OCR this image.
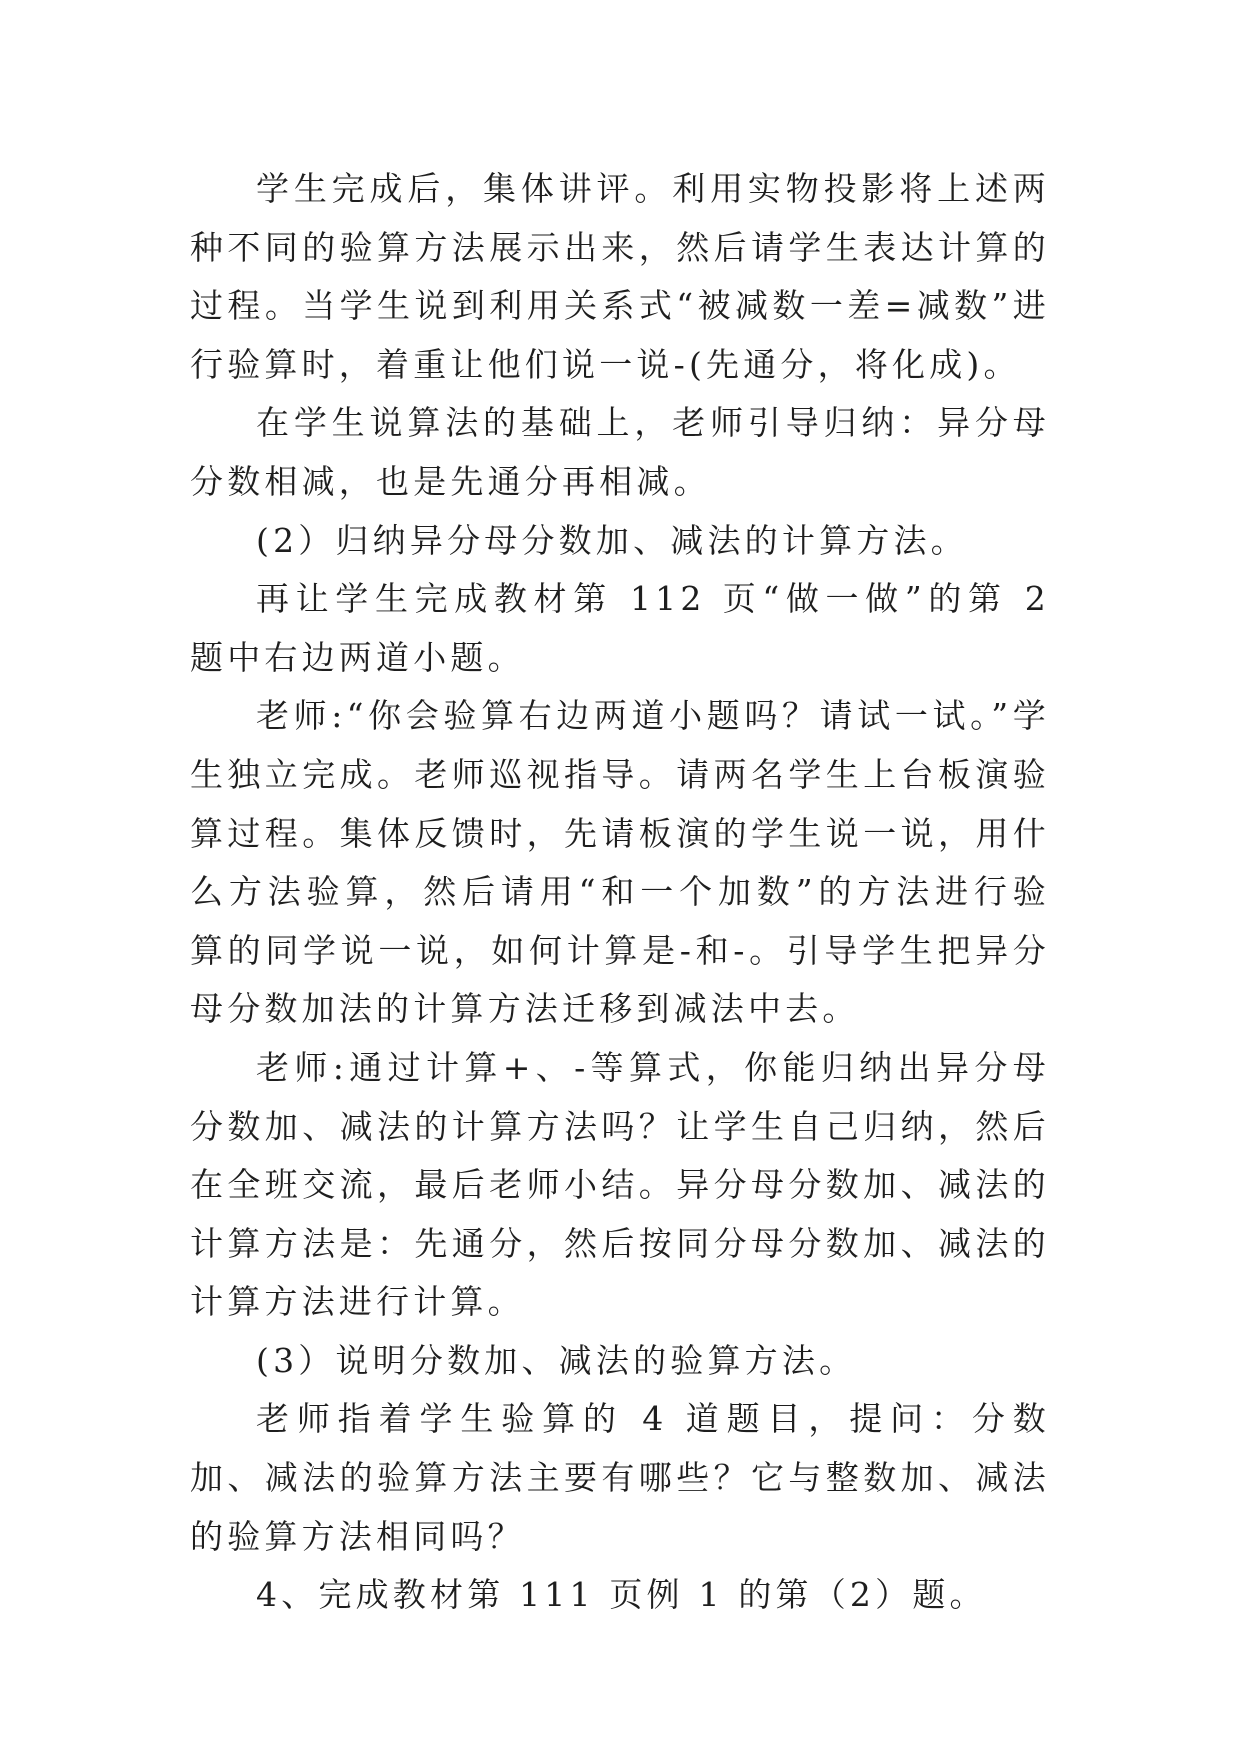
学生完成后，集体讲评。利用实物投影将上述两种不同的验算方法展示出来，然后请学生表达计算的过程。当学生说到利用关系式“被减数一差=减数”进行验算时，着重让他们说一说-(先通分，将化成)。

在学生说算法的基础上，老师引导归纳：异分母分数相减，也是先通分再相减。

(2）归纳异分母分数加、减法的计算方法。

再让学生完成教材第 112 页“做一做”的第 2 题中右边两道小题。

老师:“你会验算右边两道小题吗？请试一试。”学生独立完成。老师巡视指导。请两名学生上台板演验算过程。集体反馈时，先请板演的学生说一说，用什么方法验算，然后请用“和一个加数”的方法进行验算的同学说一说，如何计算是-和-。引导学生把异分母分数加法的计算方法迁移到减法中去。

老师:通过计算+、-等算式，你能归纳出异分母分数加、减法的计算方法吗？让学生自己归纳，然后在全班交流，最后老师小结。异分母分数加、减法的计算方法是：先通分，然后按同分母分数加、减法的计算方法进行计算。

(3）说明分数加、减法的验算方法。

老师指着学生验算的 4 道题目，提问：分数加、减法的验算方法主要有哪些？它与整数加、减法的验算方法相同吗？

4、完成教材第 111 页例 1 的第（2）题。
